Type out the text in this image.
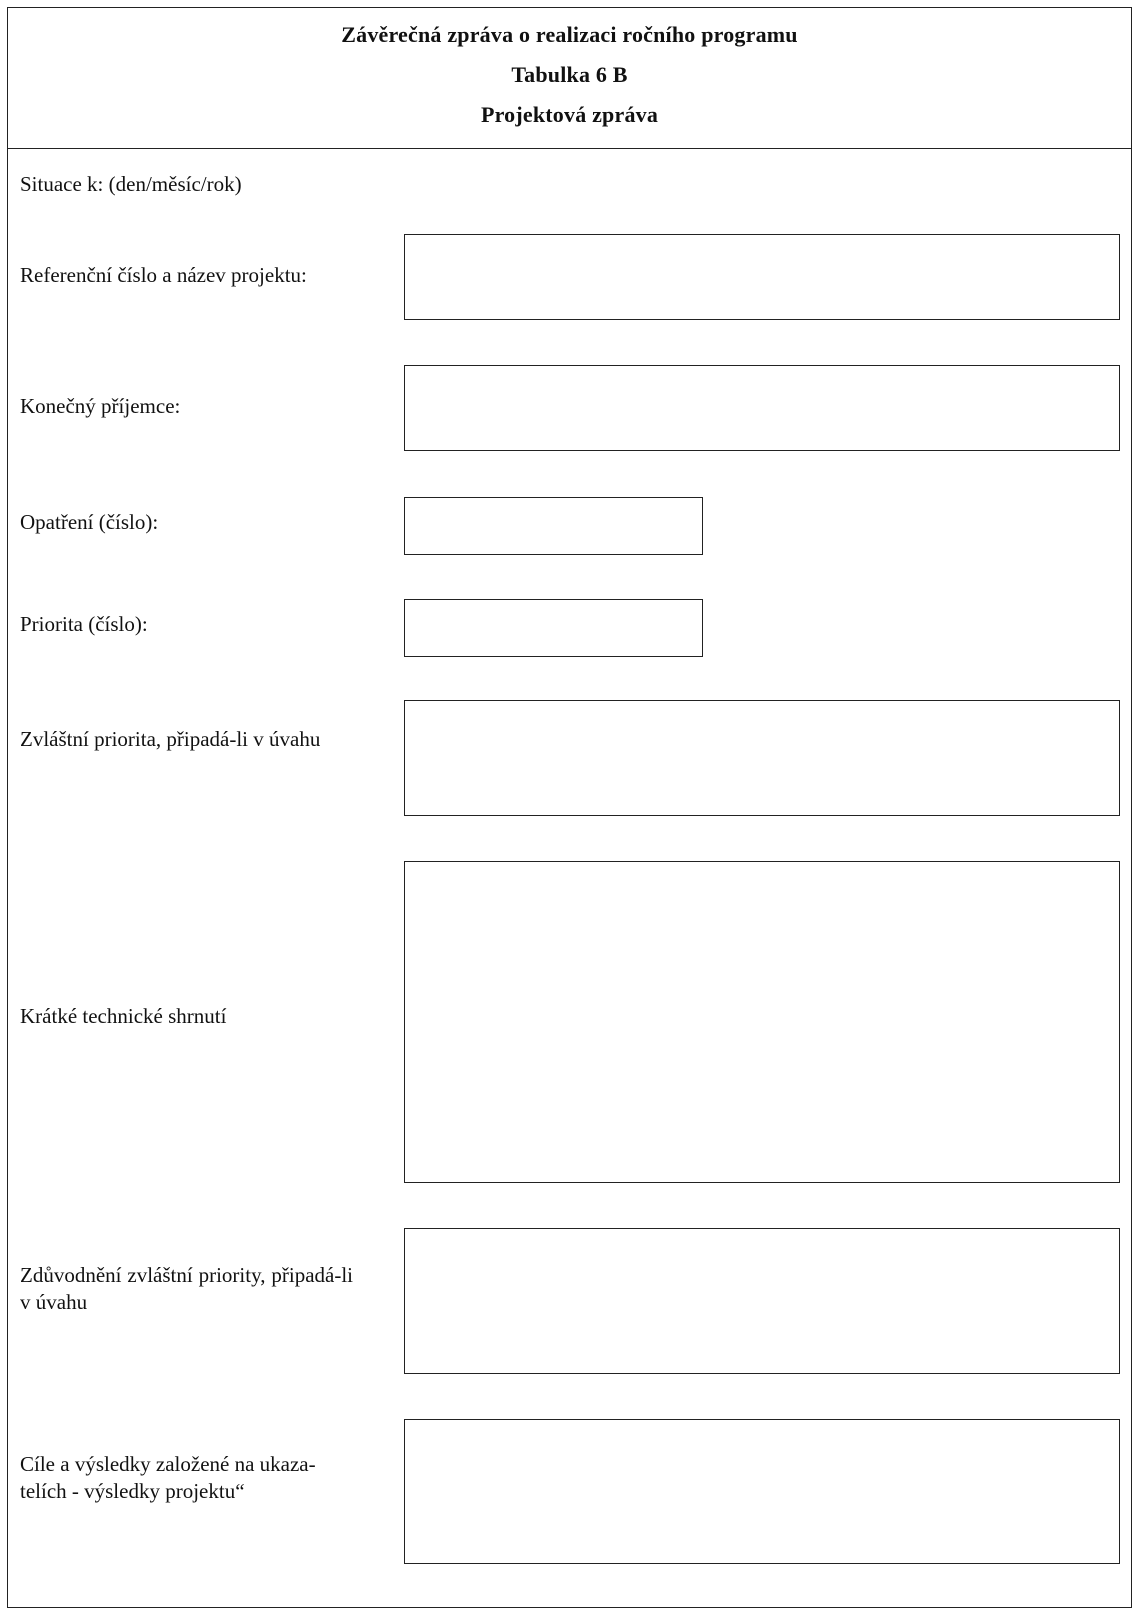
Závěrečná zpráva o realizaci ročního programu
Tabulka 6 B
Projektová zpráva
Situace k: (den/měsíc/rok)
Referenční číslo a název projektu:
Konečný příjemce:
Opatření (číslo):
Priorita (číslo):
Zvláštní priorita, připadá-li v úvahu
Krátké technické shrnutí
Zdůvodnění zvláštní priority, připadá-li v úvahu
Cíle a výsledky založené na ukaza-telích - výsledky projektu“
